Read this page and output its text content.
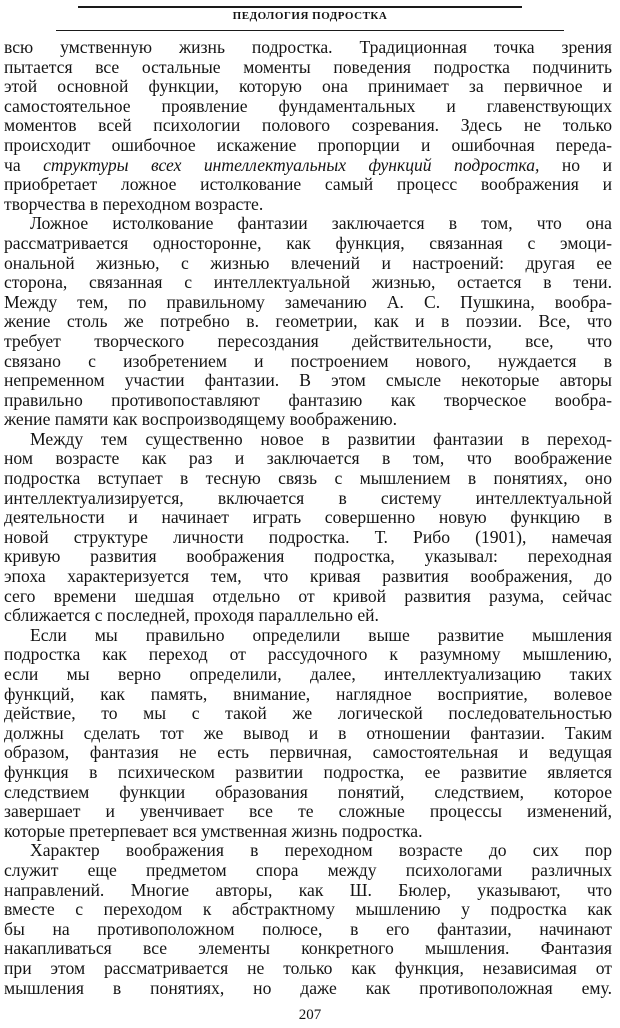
ПЕДОЛОГИЯ ПОДРОСТКА
всю умственную жизнь подростка. Традиционная точка зрения
пытается все остальные моменты поведения подростка подчинить
этой основной функции, которую она принимает за первичное и
самостоятельное проявление фундаментальных и главенствующих
моментов всей психологии полового созревания. Здесь не только
происходит ошибочное искажение пропорции и ошибочная переда-
ча структуры всех интеллектуальных функций подростка, но и
приобретает ложное истолкование самый процесс воображения и
творчества в переходном возрасте.
Ложное истолкование фантазии заключается в том, что она
рассматривается односторонне, как функция, связанная с эмоци-
ональной жизнью, с жизнью влечений и настроений: другая ее
сторона, связанная с интеллектуальной жизнью, остается в тени.
Между тем, по правильному замечанию А. С. Пушкина, вообра-
жение столь же потребно в. геометрии, как и в поэзии. Все, что
требует творческого пересоздания действительности, все, что
связано с изобретением и построением нового, нуждается в
непременном участии фантазии. В этом смысле некоторые авторы
правильно противопоставляют фантазию как творческое вообра-
жение памяти как воспроизводящему воображению.
Между тем существенно новое в развитии фантазии в переход-
ном возрасте как раз и заключается в том, что воображение
подростка вступает в тесную связь с мышлением в понятиях, оно
интеллектуализируется, включается в систему интеллектуальной
деятельности и начинает играть совершенно новую функцию в
новой структуре личности подростка. Т. Рибо (1901), намечая
кривую развития воображения подростка, указывал: переходная
эпоха характеризуется тем, что кривая развития воображения, до
сего времени шедшая отдельно от кривой развития разума, сейчас
сближается с последней, проходя параллельно ей.
Если мы правильно определили выше развитие мышления
подростка как переход от рассудочного к разумному мышлению,
если мы верно определили, далее, интеллектуализацию таких
функций, как память, внимание, наглядное восприятие, волевое
действие, то мы с такой же логической последовательностью
должны сделать тот же вывод и в отношении фантазии. Таким
образом, фантазия не есть первичная, самостоятельная и ведущая
функция в психическом развитии подростка, ее развитие является
следствием функции образования понятий, следствием, которое
завершает и увенчивает все те сложные процессы изменений,
которые претерпевает вся умственная жизнь подростка.
Характер воображения в переходном возрасте до сих пор
служит еще предметом спора между психологами различных
направлений. Многие авторы, как Ш. Бюлер, указывают, что
вместе с переходом к абстрактному мышлению у подростка как
бы на противоположном полюсе, в его фантазии, начинают
накапливаться все элементы конкретного мышления. Фантазия
при этом рассматривается не только как функция, независимая от
мышления в понятиях, но даже как противоположная ему.
207
